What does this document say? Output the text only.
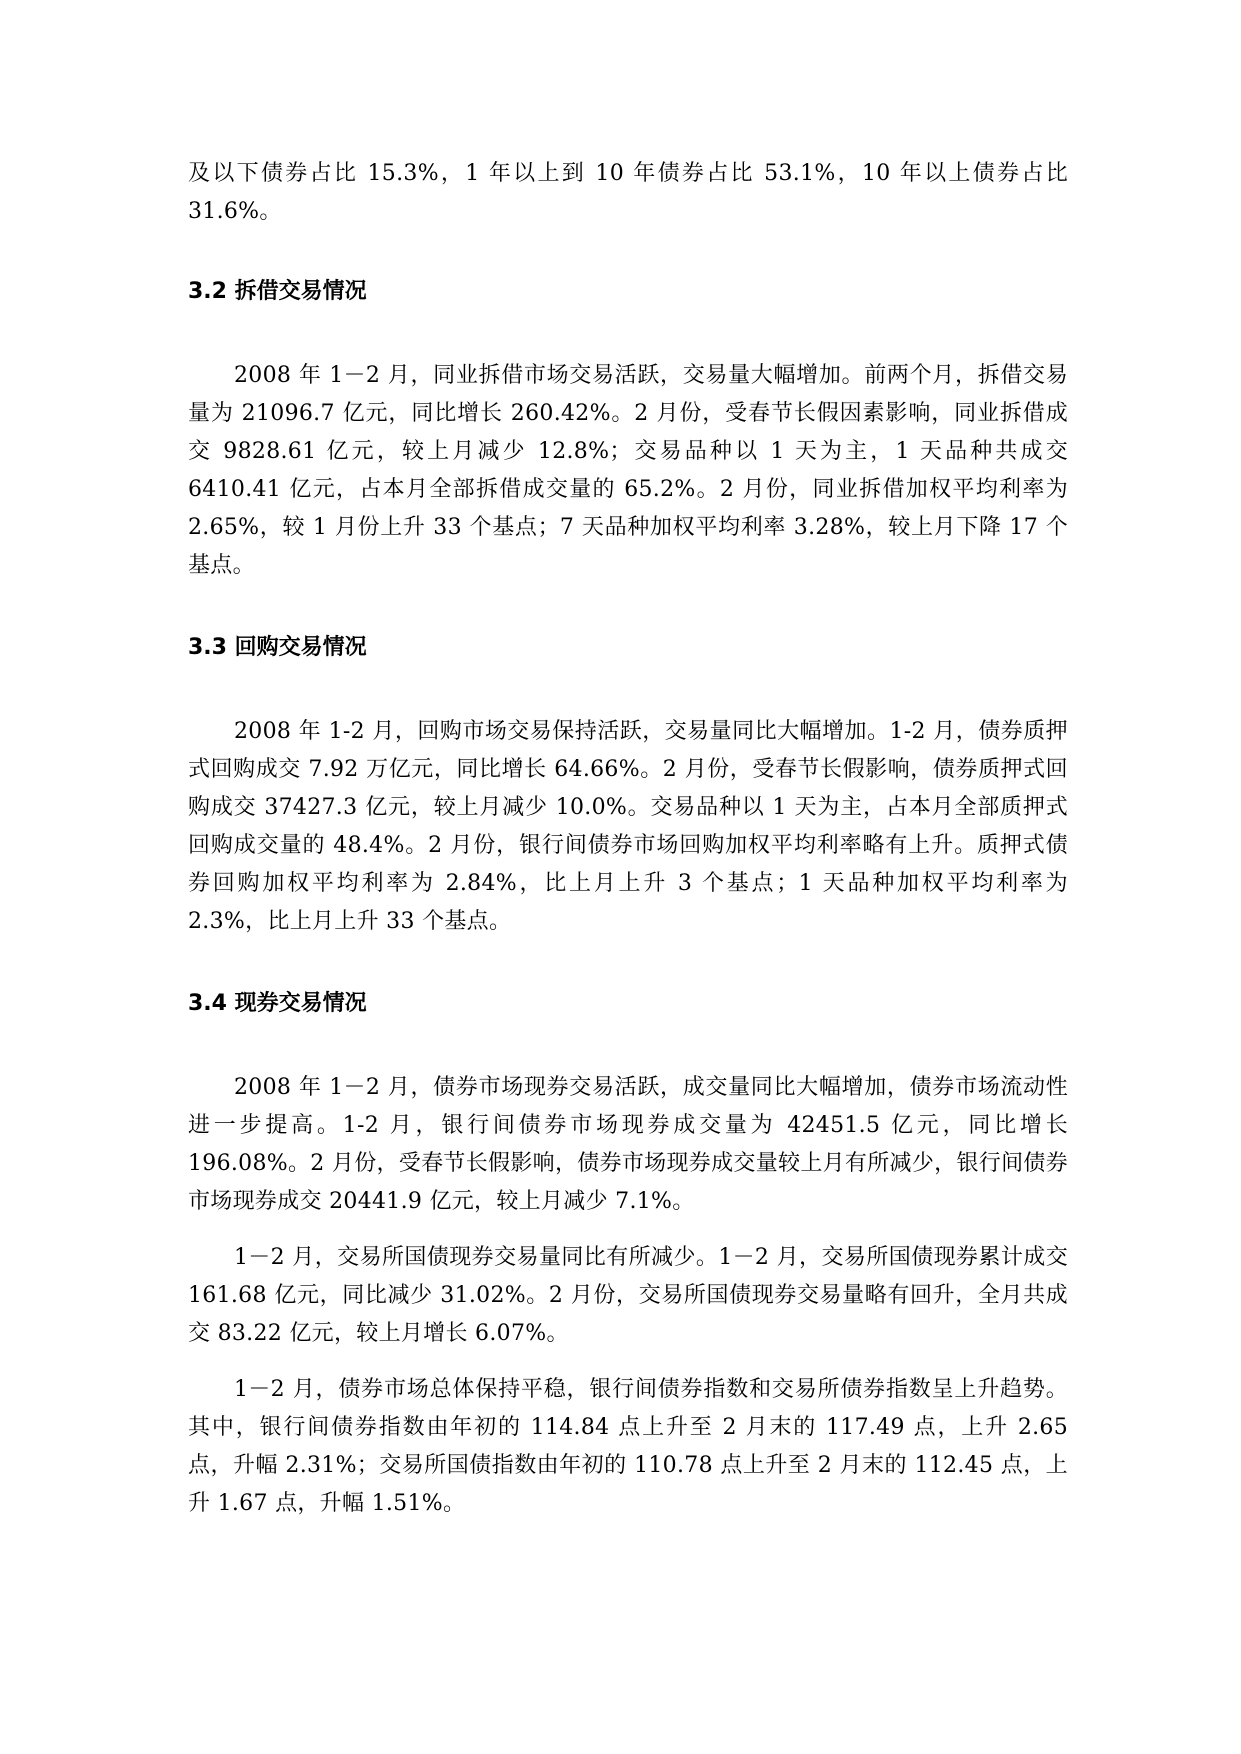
及以下债券占比 15.3%，1 年以上到 10 年债券占比 53.1%，10 年以上债券占比 31.6%。

3.2 拆借交易情况

2008 年 1－2 月，同业拆借市场交易活跃，交易量大幅增加。前两个月，拆借交易量为 21096.7 亿元，同比增长 260.42%。2 月份，受春节长假因素影响，同业拆借成交 9828.61 亿元，较上月减少 12.8%；交易品种以 1 天为主，1 天品种共成交 6410.41 亿元，占本月全部拆借成交量的 65.2%。2 月份，同业拆借加权平均利率为 2.65%，较 1 月份上升 33 个基点；7 天品种加权平均利率 3.28%，较上月下降 17 个基点。

3.3 回购交易情况

2008 年 1-2 月，回购市场交易保持活跃，交易量同比大幅增加。1-2 月，债券质押式回购成交 7.92 万亿元，同比增长 64.66%。2 月份，受春节长假影响，债券质押式回购成交 37427.3 亿元，较上月减少 10.0%。交易品种以 1 天为主，占本月全部质押式回购成交量的 48.4%。2 月份，银行间债券市场回购加权平均利率略有上升。质押式债券回购加权平均利率为 2.84%，比上月上升 3 个基点；1 天品种加权平均利率为 2.3%，比上月上升 33 个基点。

3.4 现券交易情况

2008 年 1－2 月，债券市场现券交易活跃，成交量同比大幅增加，债券市场流动性进一步提高。1-2 月，银行间债券市场现券成交量为 42451.5 亿元，同比增长 196.08%。2 月份，受春节长假影响，债券市场现券成交量较上月有所减少，银行间债券市场现券成交 20441.9 亿元，较上月减少 7.1%。

1－2 月，交易所国债现券交易量同比有所减少。1－2 月，交易所国债现券累计成交 161.68 亿元，同比减少 31.02%。2 月份，交易所国债现券交易量略有回升，全月共成交 83.22 亿元，较上月增长 6.07%。

1－2 月，债券市场总体保持平稳，银行间债券指数和交易所债券指数呈上升趋势。其中，银行间债券指数由年初的 114.84 点上升至 2 月末的 117.49 点，上升 2.65 点，升幅 2.31%；交易所国债指数由年初的 110.78 点上升至 2 月末的 112.45 点，上升 1.67 点，升幅 1.51%。
